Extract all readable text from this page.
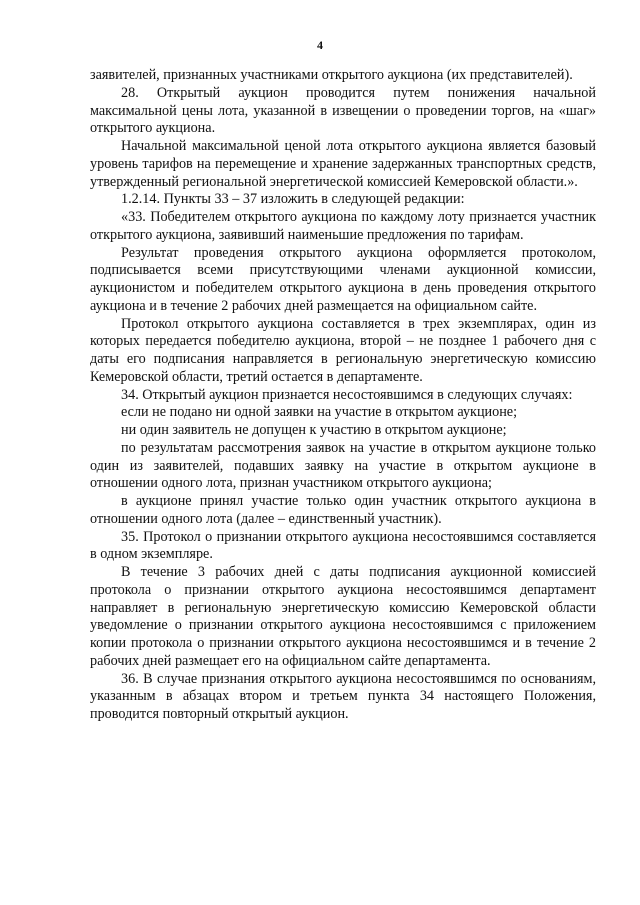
4

заявителей, признанных участниками открытого аукциона (их представителей).

28. Открытый аукцион проводится путем понижения начальной максимальной цены лота, указанной в извещении о проведении торгов, на «шаг» открытого аукциона.

Начальной максимальной ценой лота открытого аукциона является базовый уровень тарифов на перемещение и хранение задержанных транспортных средств, утвержденный региональной энергетической комиссией Кемеровской области.».

1.2.14. Пункты 33 – 37 изложить в следующей редакции:

«33. Победителем открытого аукциона по каждому лоту признается участник открытого аукциона, заявивший наименьшие предложения по тарифам.

Результат проведения открытого аукциона оформляется протоколом, подписывается всеми присутствующими членами аукционной комиссии, аукционистом и победителем открытого аукциона в день проведения открытого аукциона и в течение 2 рабочих дней размещается на официальном сайте.

Протокол открытого аукциона составляется в трех экземплярах, один из которых передается победителю аукциона, второй – не позднее 1 рабочего дня с даты его подписания направляется в региональную энергетическую комиссию Кемеровской области, третий остается в департаменте.

34. Открытый аукцион признается несостоявшимся в следующих случаях:

если не подано ни одной заявки на участие в открытом аукционе;

ни один заявитель не допущен к участию в открытом аукционе;

по результатам рассмотрения заявок на участие в открытом аукционе только один из заявителей, подавших заявку на участие в открытом аукционе в отношении одного лота, признан участником открытого аукциона;

в аукционе принял участие только один участник открытого аукциона в отношении одного лота (далее – единственный участник).

35. Протокол о признании открытого аукциона несостоявшимся составляется в одном экземпляре.

В течение 3 рабочих дней с даты подписания аукционной комиссией протокола о признании открытого аукциона несостоявшимся департамент направляет в региональную энергетическую комиссию Кемеровской области уведомление о признании открытого аукциона несостоявшимся с приложением копии протокола о признании открытого аукциона несостоявшимся и в течение 2 рабочих дней размещает его на официальном сайте департамента.

36. В случае признания открытого аукциона несостоявшимся по основаниям, указанным в абзацах втором и третьем пункта 34 настоящего Положения, проводится повторный открытый аукцион.
